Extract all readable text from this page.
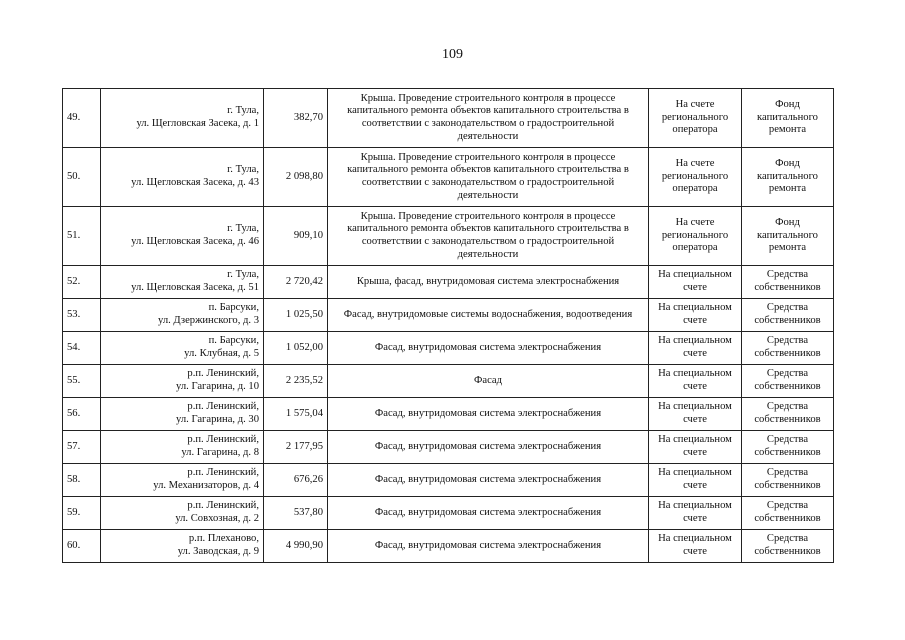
109
49.	г. Тула,
ул. Щегловская Засека, д. 1	382,70	Крыша. Проведение строительного контроля в процессе капитального ремонта объектов капитального строительства в соответствии с законодательством о градостроительной деятельности	На счете регионального оператора	Фонд капитального ремонта
50.	г. Тула,
ул. Щегловская Засека, д. 43	2 098,80	Крыша. Проведение строительного контроля в процессе капитального ремонта объектов капитального строительства в соответствии с законодательством о градостроительной деятельности	На счете регионального оператора	Фонд капитального ремонта
51.	г. Тула,
ул. Щегловская Засека, д. 46	909,10	Крыша. Проведение строительного контроля в процессе капитального ремонта объектов капитального строительства в соответствии с законодательством о градостроительной деятельности	На счете регионального оператора	Фонд капитального ремонта
52.	г. Тула,
ул. Щегловская Засека, д. 51	2 720,42	Крыша, фасад, внутридомовая система электроснабжения	На специальном счете	Средства собственников
53.	п. Барсуки,
ул. Дзержинского, д. 3	1 025,50	Фасад, внутридомовые системы водоснабжения, водоотведения	На специальном счете	Средства собственников
54.	п. Барсуки,
ул. Клубная, д. 5	1 052,00	Фасад, внутридомовая система электроснабжения	На специальном счете	Средства собственников
55.	р.п. Ленинский,
ул. Гагарина, д. 10	2 235,52	Фасад	На специальном счете	Средства собственников
56.	р.п. Ленинский,
ул. Гагарина, д. 30	1 575,04	Фасад, внутридомовая система электроснабжения	На специальном счете	Средства собственников
57.	р.п. Ленинский,
ул. Гагарина, д. 8	2 177,95	Фасад, внутридомовая система электроснабжения	На специальном счете	Средства собственников
58.	р.п. Ленинский,
ул. Механизаторов, д. 4	676,26	Фасад, внутридомовая система электроснабжения	На специальном счете	Средства собственников
59.	р.п. Ленинский,
ул. Совхозная, д. 2	537,80	Фасад, внутридомовая система электроснабжения	На специальном счете	Средства собственников
60.	р.п. Плеханово,
ул. Заводская, д. 9	4 990,90	Фасад, внутридомовая система электроснабжения	На специальном счете	Средства собственников
